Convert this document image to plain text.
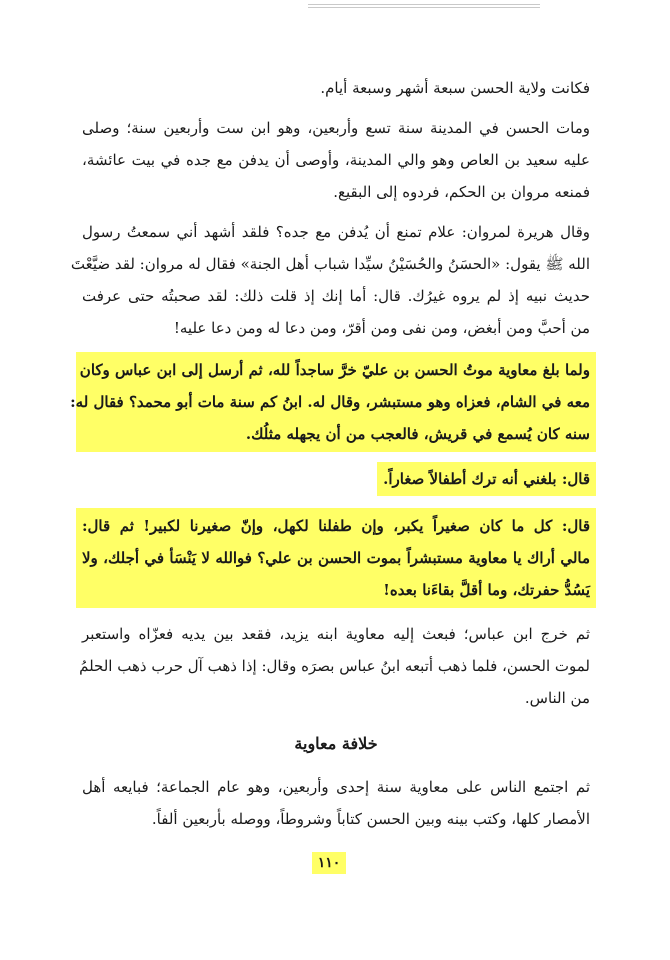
فكانت ولاية الحسن سبعة أشهر وسبعة أيام.

ومات الحسن في المدينة سنة تسع وأربعين، وهو ابن ست وأربعين سنة؛ وصلى
عليه سعيد بن العاص وهو والي المدينة، وأوصى أن يدفن مع جده في بيت عائشة،
فمنعه مروان بن الحكم، فردوه إلى البقيع.

وقال هريرة لمروان: علام تمنع أن يُدفن مع جده؟ فلقد أشهد أني سمعتُ رسول
الله ﷺ يقول: «الحسَنُ والحُسَيْنُ سيِّدا شباب أهل الجنة» فقال له مروان: لقد ضيَّعْتَ
حديث نبيه إذ لم يروه غيرُك. قال: أما إنك إذ قلت ذلك: لقد صحبتُه حتى عرفت
من أحبَّ ومن أبغض، ومن نفى ومن أقرّ، ومن دعا له ومن دعا عليه!

ولما بلغ معاوية موتُ الحسن بن عليّ خرَّ ساجداً لله، ثم أرسل إلى ابن عباس وكان
معه في الشام، فعزاه وهو مستبشر، وقال له. ابنُ كم سنة مات أبو محمد؟ فقال له:
سنه كان يُسمع في قريش، فالعجب من أن يجهله مثلُك.

قال: بلغني أنه ترك أطفالاً صغاراً.

قال: كل ما كان صغيراً يكبر، وإن طفلنا لكهل، وإنّ صغيرنا لكبير! ثم قال:
مالي أراك يا معاوية مستبشراً بموت الحسن بن علي؟ فوالله لا يَنْسَأ في أجلك، ولا
يَسُدُّ حفرتك، وما أقلَّ بقاءَنا بعده!

ثم خرج ابن عباس؛ فبعث إليه معاوية ابنه يزيد، فقعد بين يديه فعزّاه واستعبر
لموت الحسن، فلما ذهب أتبعه ابنُ عباس بصرَه وقال: إذا ذهب آل حرب ذهب الحلمُ
من الناس.

خلافة معاوية

ثم اجتمع الناس على معاوية سنة إحدى وأربعين، وهو عام الجماعة؛ فبايعه أهل
الأمصار كلها، وكتب بينه وبين الحسن كتاباً وشروطاً، ووصله بأربعين ألفاً.

١١٠
